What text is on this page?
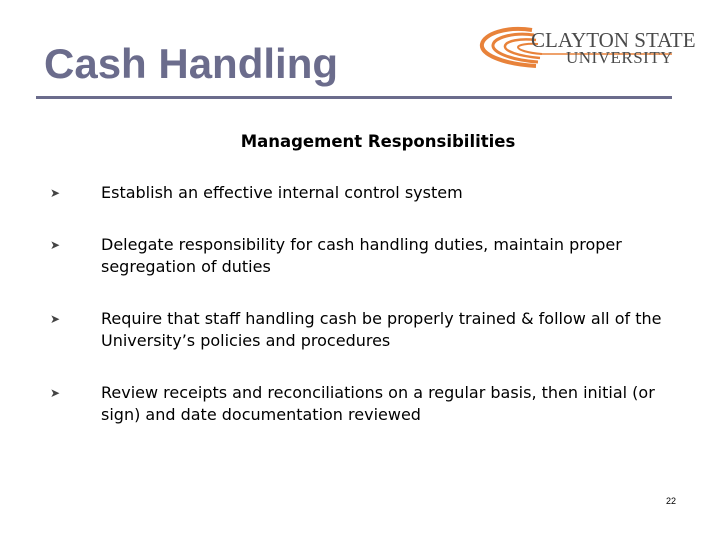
Cash Handling	CLAYTON STATE
UNIVERSITY
Management Responsibilities
➤	Establish an effective internal control system
➤	Delegate responsibility for cash handling duties, maintain proper segregation of duties
➤	Require that staff handling cash be properly trained & follow all of the University’s policies and procedures
➤	Review receipts and reconciliations on a regular basis, then initial (or sign) and date documentation reviewed
22
